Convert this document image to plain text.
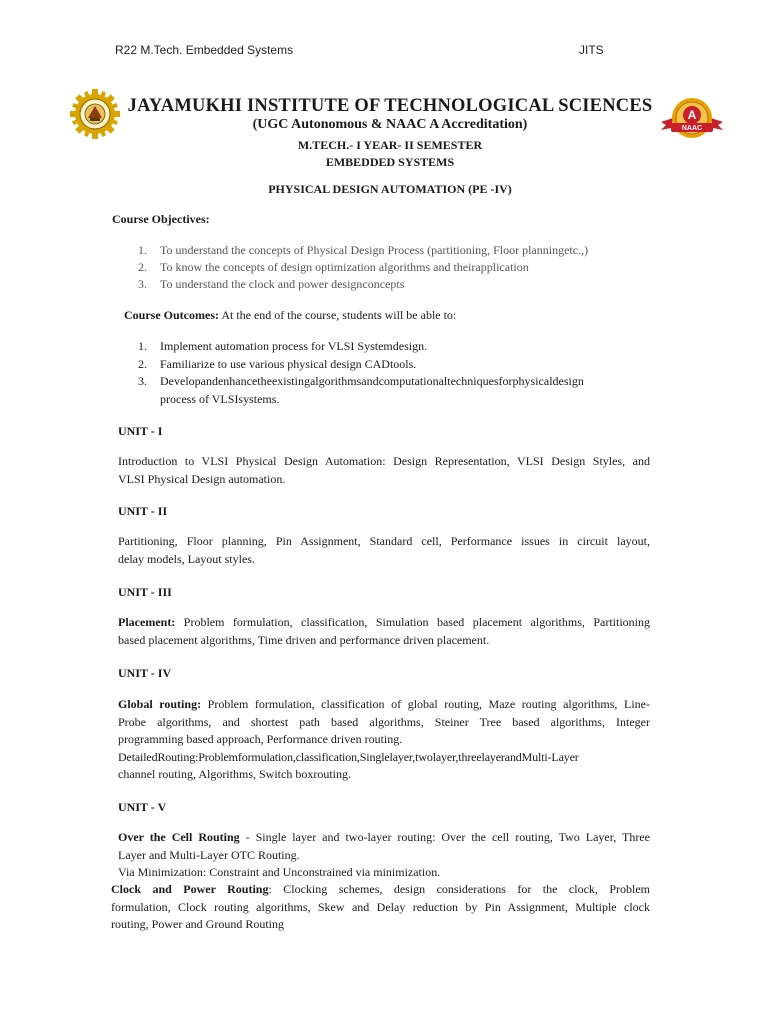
R22 M.Tech. Embedded Systems	JITS
A
NAAC
JAYAMUKHI INSTITUTE OF TECHNOLOGICAL SCIENCES
(UGC Autonomous & NAAC A Accreditation)
M.TECH.- I YEAR- II SEMESTER
EMBEDDED SYSTEMS
PHYSICAL DESIGN AUTOMATION (PE -IV)
Course Objectives:
1.	To understand the concepts of Physical Design Process (partitioning, Floor planningetc.,)
2.	To know the concepts of design optimization algorithms and theirapplication
3.	To understand the clock and power designconcepts
Course Outcomes: At the end of the course, students will be able to:
1.	Implement automation process for VLSI Systemdesign.
2.	Familiarize to use various physical design CADtools.
3.	Developandenhancetheexistingalgorithmsandcomputationaltechniquesforphysicaldesign
process of VLSIsystems.
UNIT - I
Introduction to VLSI Physical Design Automation: Design Representation, VLSI Design Styles, and
VLSI Physical Design automation.
UNIT - II
Partitioning, Floor planning, Pin Assignment, Standard cell, Performance issues in circuit layout,
delay models, Layout styles.
UNIT - III
Placement: Problem formulation, classification, Simulation based placement algorithms, Partitioning
based placement algorithms, Time driven and performance driven placement.
UNIT - IV
Global routing: Problem formulation, classification of global routing, Maze routing algorithms, Line-
Probe algorithms, and shortest path based algorithms, Steiner Tree based algorithms, Integer
programming based approach, Performance driven routing.
DetailedRouting:Problemformulation,classification,Singlelayer,twolayer,threelayerandMulti-Layer
channel routing, Algorithms, Switch boxrouting.
UNIT - V
Over the Cell Routing - Single layer and two-layer routing: Over the cell routing, Two Layer, Three
Layer and Multi-Layer OTC Routing.
Via Minimization: Constraint and Unconstrained via minimization.
Clock and Power Routing: Clocking schemes, design considerations for the clock, Problem
formulation, Clock routing algorithms, Skew and Delay reduction by Pin Assignment, Multiple clock
routing, Power and Ground Routing
